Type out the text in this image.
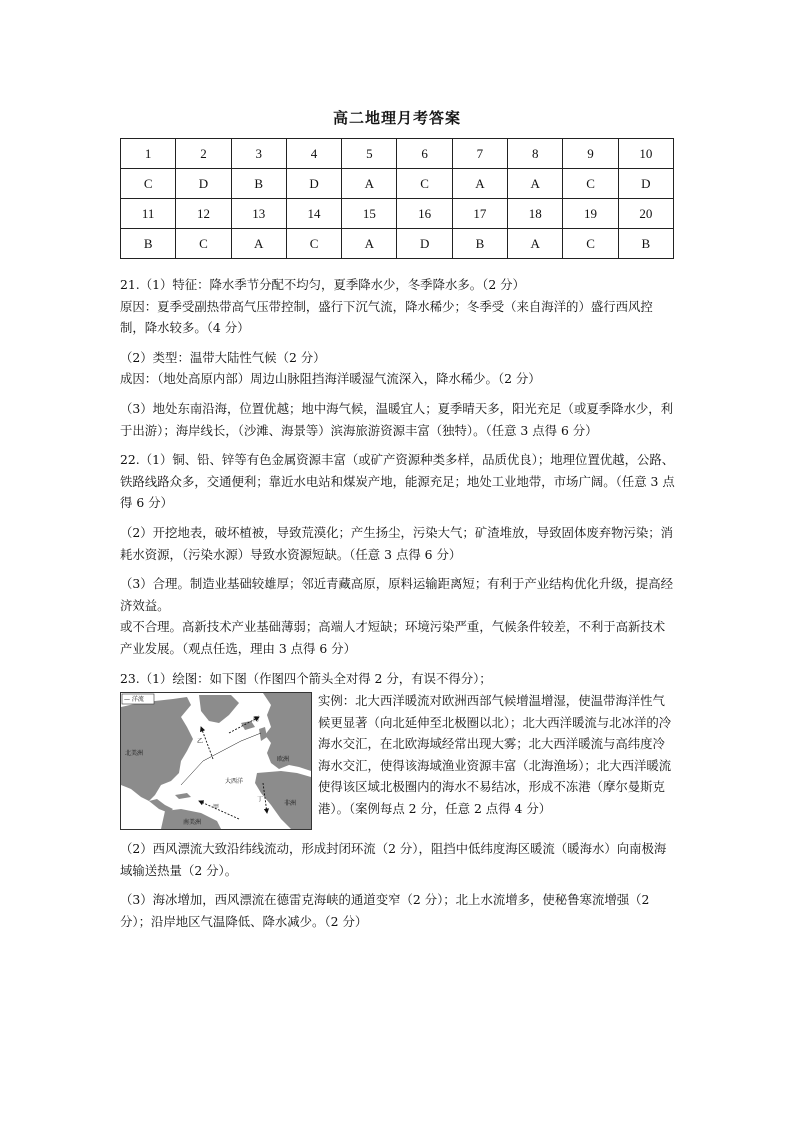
高二地理月考答案
1	2	3	4	5	6	7	8	9	10
C	D	B	D	A	C	A	A	C	D
11	12	13	14	15	16	17	18	19	20
B	C	A	C	A	D	B	A	C	B

21.（1）特征：降水季节分配不均匀，夏季降水少，冬季降水多。（2 分）

原因：夏季受副热带高气压带控制，盛行下沉气流，降水稀少；冬季受（来自海洋的）盛行西风控制，降水较多。（4 分）

（2）类型：温带大陆性气候（2 分）

成因：（地处高原内部）周边山脉阻挡海洋暖湿气流深入，降水稀少。（2 分）

（3）地处东南沿海，位置优越；地中海气候，温暖宜人；夏季晴天多，阳光充足（或夏季降水少，利于出游）；海岸线长，（沙滩、海景等）滨海旅游资源丰富（独特）。（任意 3 点得 6 分）

22.（1）铜、铅、锌等有色金属资源丰富（或矿产资源种类多样，品质优良）；地理位置优越，公路、铁路线路众多，交通便利；靠近水电站和煤炭产地，能源充足；地处工业地带，市场广阔。（任意 3 点得 6 分）

（2）开挖地表，破坏植被，导致荒漠化；产生扬尘，污染大气；矿渣堆放，导致固体废弃物污染；消耗水资源，（污染水源）导致水资源短缺。（任意 3 点得 6 分）

（3）合理。制造业基础较雄厚；邻近青藏高原，原料运输距离短；有利于产业结构优化升级，提高经济效益。

或不合理。高新技术产业基础薄弱；高端人才短缺；环境污染严重，气候条件较差，不利于高新技术产业发展。（观点任选，理由 3 点得 6 分）

23.（1）绘图：如下图（作图四个箭头全对得 2 分，有误不得分）；

— 洋流
北美洲
欧洲
非洲
南美洲
大西洋
乙
丙
丁
甲
实例：北大西洋暖流对欧洲西部气候增温增湿，使温带海洋性气候更显著（向北延伸至北极圈以北）；北大西洋暖流与北冰洋的冷海水交汇，在北欧海域经常出现大雾；北大西洋暖流与高纬度冷海水交汇，使得该海域渔业资源丰富（北海渔场）；北大西洋暖流使得该区域北极圈内的海水不易结冰，形成不冻港（摩尔曼斯克港）。（案例每点 2 分，任意 2 点得 4 分）

（2）西风漂流大致沿纬线流动，形成封闭环流（2 分），阻挡中低纬度海区暖流（暖海水）向南极海域输送热量（2 分）。

（3）海冰增加，西风漂流在德雷克海峡的通道变窄（2 分）；北上水流增多，使秘鲁寒流增强（2 分）；沿岸地区气温降低、降水减少。（2 分）
